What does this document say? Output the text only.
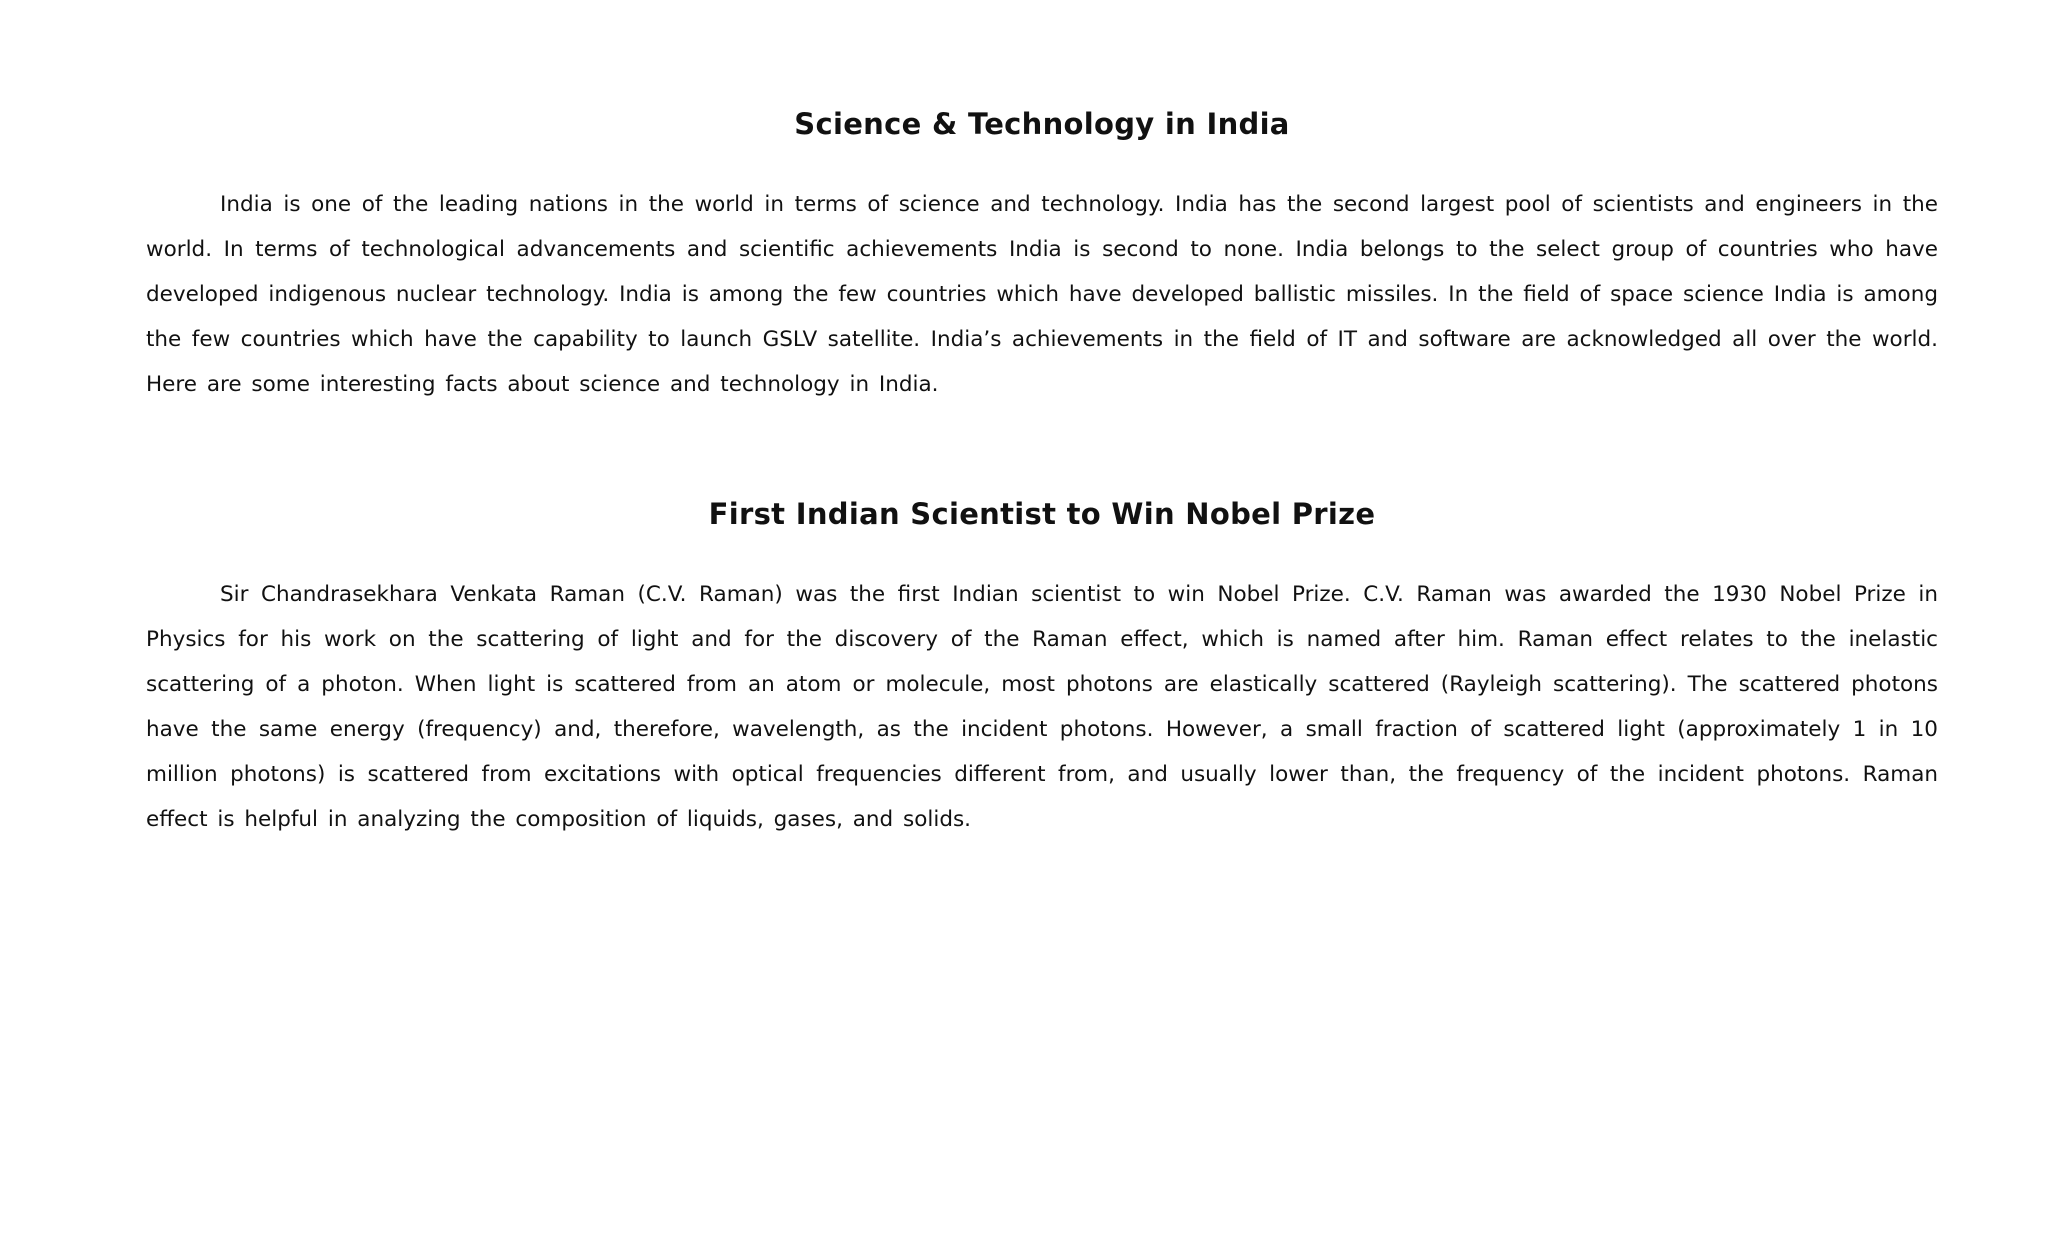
Science & Technology in India

India is one of the leading nations in the world in terms of science and technology. India has the second largest pool of scientists and engineers in the world. In terms of technological advancements and scientific achievements India is second to none. India belongs to the select group of countries who have developed indigenous nuclear technology. India is among the few countries which have developed ballistic missiles. In the field of space science India is among the few countries which have the capability to launch GSLV satellite. India’s achievements in the field of IT and software are acknowledged all over the world. Here are some interesting facts about science and technology in India.

First Indian Scientist to Win Nobel Prize

Sir Chandrasekhara Venkata Raman (C.V. Raman) was the first Indian scientist to win Nobel Prize. C.V. Raman was awarded the 1930 Nobel Prize in Physics for his work on the scattering of light and for the discovery of the Raman effect, which is named after him. Raman effect relates to the inelastic scattering of a photon. When light is scattered from an atom or molecule, most photons are elastically scattered (Rayleigh scattering). The scattered photons have the same energy (frequency) and, therefore, wavelength, as the incident photons. However, a small fraction of scattered light (approximately 1 in 10 million photons) is scattered from excitations with optical frequencies different from, and usually lower than, the frequency of the incident photons. Raman effect is helpful in analyzing the composition of liquids, gases, and solids.
